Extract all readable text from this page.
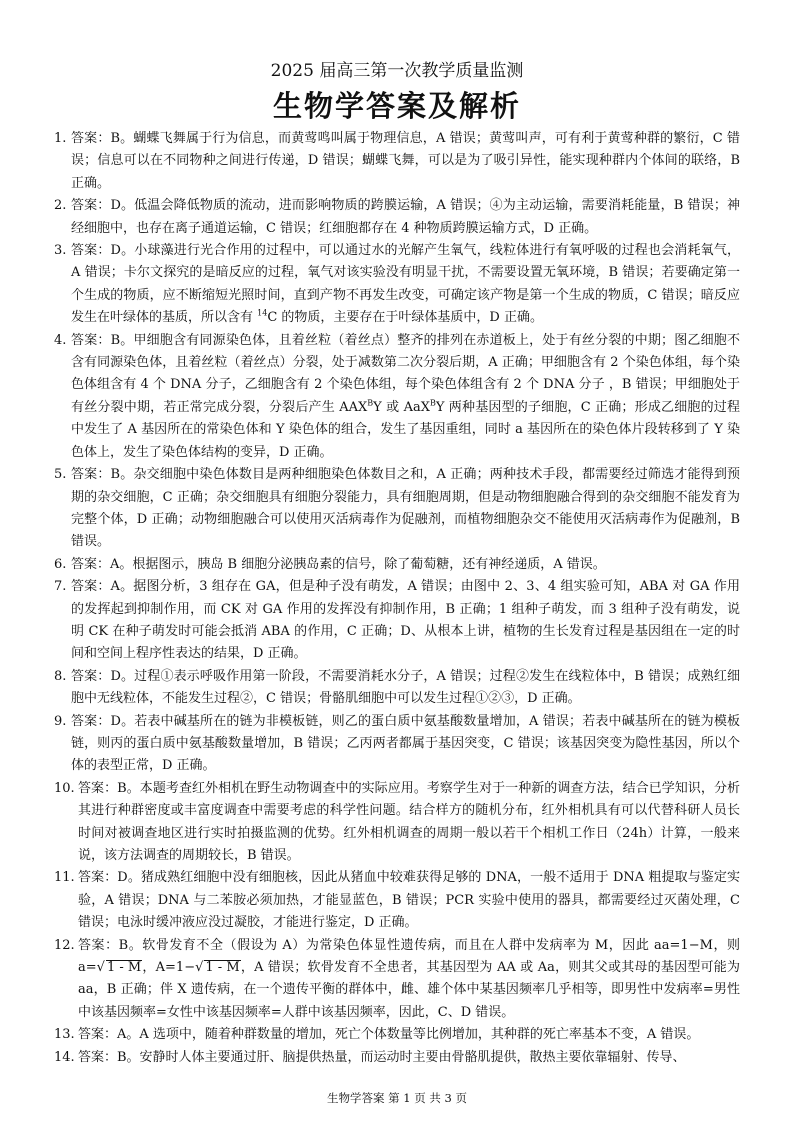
2025 届高三第一次教学质量监测
生物学答案及解析
1. 答案：B。蝴蝶飞舞属于行为信息，而黄莺鸣叫属于物理信息，A 错误；黄莺叫声，可有利于黄莺种群的繁衍，C 错误；信息可以在不同物种之间进行传递，D 错误；蝴蝶飞舞，可以是为了吸引异性，能实现种群内个体间的联络，B 正确。
2. 答案：D。低温会降低物质的流动，进而影响物质的跨膜运输，A 错误；④为主动运输，需要消耗能量，B 错误；神经细胞中，也存在离子通道运输，C 错误；红细胞都存在 4 种物质跨膜运输方式，D 正确。
3. 答案：D。小球藻进行光合作用的过程中，可以通过水的光解产生氧气，线粒体进行有氧呼吸的过程也会消耗氧气，A 错误；卡尔文探究的是暗反应的过程，氧气对该实验没有明显干扰，不需要设置无氧环境，B 错误；若要确定第一个生成的物质，应不断缩短光照时间，直到产物不再发生改变，可确定该产物是第一个生成的物质，C 错误；暗反应发生在叶绿体的基质，所以含有 $^{14}$C 的物质，主要存在于叶绿体基质中，D 正确。
4. 答案：B。甲细胞含有同源染色体，且着丝粒（着丝点）整齐的排列在赤道板上，处于有丝分裂的中期；图乙细胞不含有同源染色体，且着丝粒（着丝点）分裂，处于减数第二次分裂后期，A 正确；甲细胞含有 2 个染色体组，每个染色体组含有 4 个 DNA 分子，乙细胞含有 2 个染色体组，每个染色体组含有 2 个 DNA 分子 ，B 错误；甲细胞处于有丝分裂中期，若正常完成分裂，分裂后产生 $AAX^BY$ 或 AaX$^B$Y 两种基因型的子细胞，C 正确；形成乙细胞的过程中发生了 A 基因所在的常染色体和 Y 染色体的组合，发生了基因重组，同时 a 基因所在的染色体片段转移到了 Y 染色体上，发生了染色体结构的变异，D 正确。
5. 答案：B。杂交细胞中染色体数目是两种细胞染色体数目之和，A 正确；两种技术手段，都需要经过筛选才能得到预期的杂交细胞，C 正确；杂交细胞具有细胞分裂能力，具有细胞周期，但是动物细胞融合得到的杂交细胞不能发育为完整个体，D 正确；动物细胞融合可以使用灭活病毒作为促融剂，而植物细胞杂交不能使用灭活病毒作为促融剂，B 错误。
6. 答案：A。根据图示，胰岛 B 细胞分泌胰岛素的信号，除了葡萄糖，还有神经递质，A 错误。
7. 答案：A。据图分析，3 组存在 GA，但是种子没有萌发，A 错误；由图中 2、3、4 组实验可知，ABA 对 GA 作用的发挥起到抑制作用，而 CK 对 GA 作用的发挥没有抑制作用，B 正确；1 组种子萌发，而 3 组种子没有萌发，说明 CK 在种子萌发时可能会抵消 ABA 的作用，C 正确；D、从根本上讲，植物的生长发育过程是基因组在一定的时间和空间上程序性表达的结果，D 正确。
8. 答案：D。过程①表示呼吸作用第一阶段，不需要消耗水分子，A 错误；过程②发生在线粒体中，B 错误；成熟红细胞中无线粒体，不能发生过程②，C 错误；骨骼肌细胞中可以发生过程①②③，D 正确。
9. 答案：D。若表中碱基所在的链为非模板链，则乙的蛋白质中氨基酸数量增加，A 错误；若表中碱基所在的链为模板链，则丙的蛋白质中氨基酸数量增加，B 错误；乙丙两者都属于基因突变，C 错误；该基因突变为隐性基因，所以个体的表型正常，D 正确。
10. 答案：B。本题考查红外相机在野生动物调查中的实际应用。考察学生对于一种新的调查方法，结合已学知识，分析其进行种群密度或丰富度调查中需要考虑的科学性问题。结合样方的随机分布，红外相机具有可以代替科研人员长时间对被调查地区进行实时拍摄监测的优势。红外相机调查的周期一般以若干个相机工作日（24h）计算，一般来说，该方法调查的周期较长，B 错误。
11. 答案：D。猪成熟红细胞中没有细胞核，因此从猪血中较难获得足够的 DNA，一般不适用于 DNA 粗提取与鉴定实验，A 错误；DNA 与二苯胺必须加热，才能显蓝色，B 错误；PCR 实验中使用的器具，都需要经过灭菌处理，C 错误；电泳时缓冲液应没过凝胶，才能进行鉴定，D 正确。
12. 答案：B。软骨发育不全（假设为 A）为常染色体显性遗传病，而且在人群中发病率为 M，因此 aa=1−M，则 a=√ 1 - M，A=1−√ 1 - M，A 错误；软骨发育不全患者，其基因型为 AA 或 Aa，则其父或其母的基因型可能为 aa，B 正确；伴 X 遗传病，在一个遗传平衡的群体中，雌、雄个体中某基因频率几乎相等，即男性中发病率=男性中该基因频率=女性中该基因频率=人群中该基因频率，因此，C、D 错误。
13. 答案：A。A 选项中，随着种群数量的增加，死亡个体数量等比例增加，其种群的死亡率基本不变，A 错误。
14. 答案：B。安静时人体主要通过肝、脑提供热量，而运动时主要由骨骼肌提供，散热主要依靠辐射、传导、
生物学答案 第 1 页 共 3 页
